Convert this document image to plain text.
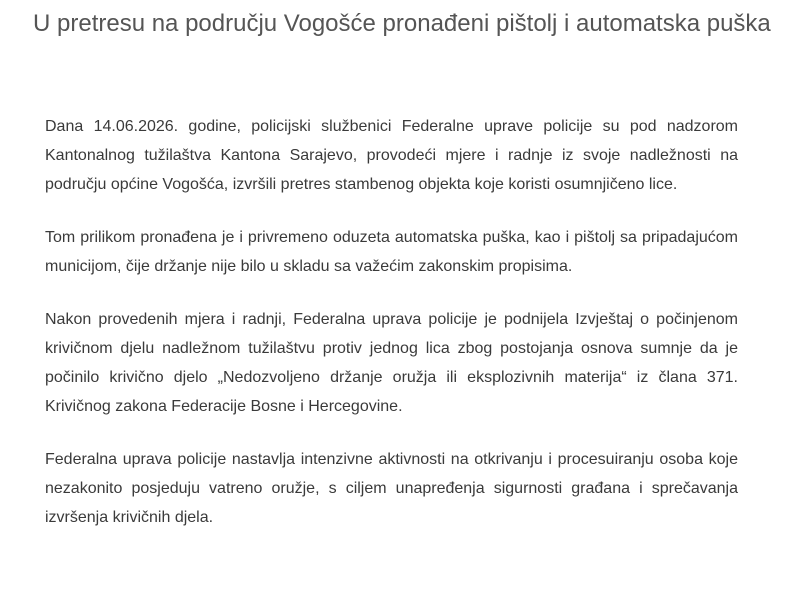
U pretresu na području Vogošće pronađeni pištolj i automatska puška

Dana 14.06.2026. godine, policijski službenici Federalne uprave policije su pod nadzorom Kantonalnog tužilaštva Kantona Sarajevo, provodeći mjere i radnje iz svoje nadležnosti na području općine Vogošća, izvršili pretres stambenog objekta koje koristi osumnjičeno lice.

Tom prilikom pronađena je i privremeno oduzeta automatska puška, kao i pištolj sa pripadajućom municijom, čije držanje nije bilo u skladu sa važećim zakonskim propisima.

Nakon provedenih mjera i radnji, Federalna uprava policije je podnijela Izvještaj o počinjenom krivičnom djelu nadležnom tužilaštvu protiv jednog lica zbog postojanja osnova sumnje da je počinilo krivično djelo „Nedozvoljeno držanje oružja ili eksplozivnih materija“ iz člana 371. Krivičnog zakona Federacije Bosne i Hercegovine.

Federalna uprava policije nastavlja intenzivne aktivnosti na otkrivanju i procesuiranju osoba koje nezakonito posjeduju vatreno oružje, s ciljem unapređenja sigurnosti građana i sprečavanja izvršenja krivičnih djela.
